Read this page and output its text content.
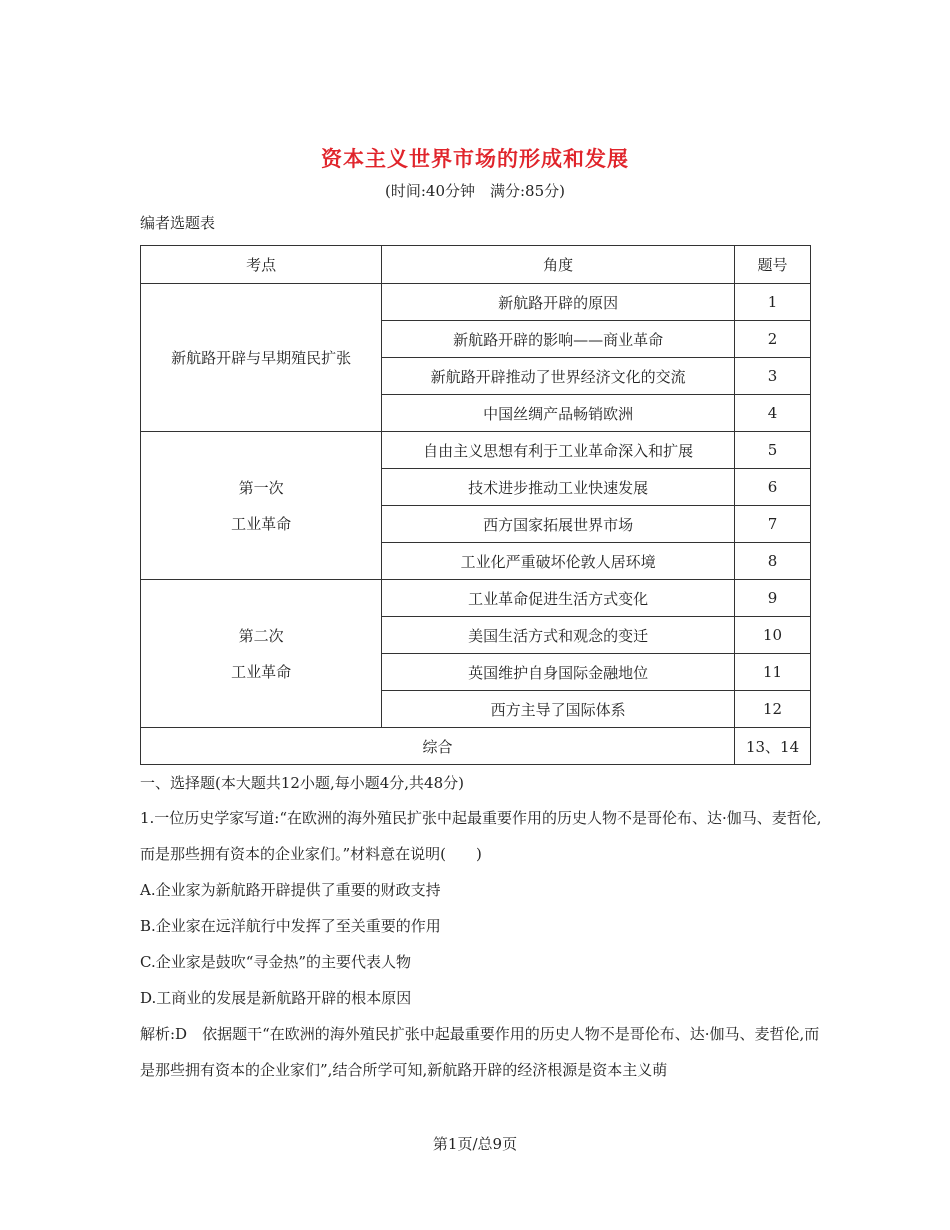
资本主义世界市场的形成和发展
(时间:40分钟　满分:85分)
编者选题表
考点	角度	题号

新航路开辟与早期殖民扩张	新航路开辟的原因	1
	新航路开辟的影响——商业革命	2
	新航路开辟推动了世界经济文化的交流	3
	中国丝绸产品畅销欧洲	4

第一次
工业革命	自由主义思想有利于工业革命深入和扩展	5
	技术进步推动工业快速发展	6
	西方国家拓展世界市场	7
	工业化严重破坏伦敦人居环境	8

第二次
工业革命	工业革命促进生活方式变化	9
	美国生活方式和观念的变迁	10
	英国维护自身国际金融地位	11
	西方主导了国际体系	12
综合		13、14
一、选择题(本大题共12小题,每小题4分,共48分)
1.一位历史学家写道:“在欧洲的海外殖民扩张中起最重要作用的历史人物不是哥伦布、达·伽马、麦哲伦,而是那些拥有资本的企业家们。”材料意在说明(　　)
A.企业家为新航路开辟提供了重要的财政支持
B.企业家在远洋航行中发挥了至关重要的作用
C.企业家是鼓吹“寻金热”的主要代表人物
D.工商业的发展是新航路开辟的根本原因
解析:D　依据题干“在欧洲的海外殖民扩张中起最重要作用的历史人物不是哥伦布、达·伽马、麦哲伦,而是那些拥有资本的企业家们”,结合所学可知,新航路开辟的经济根源是资本主义萌
第1页/总9页
